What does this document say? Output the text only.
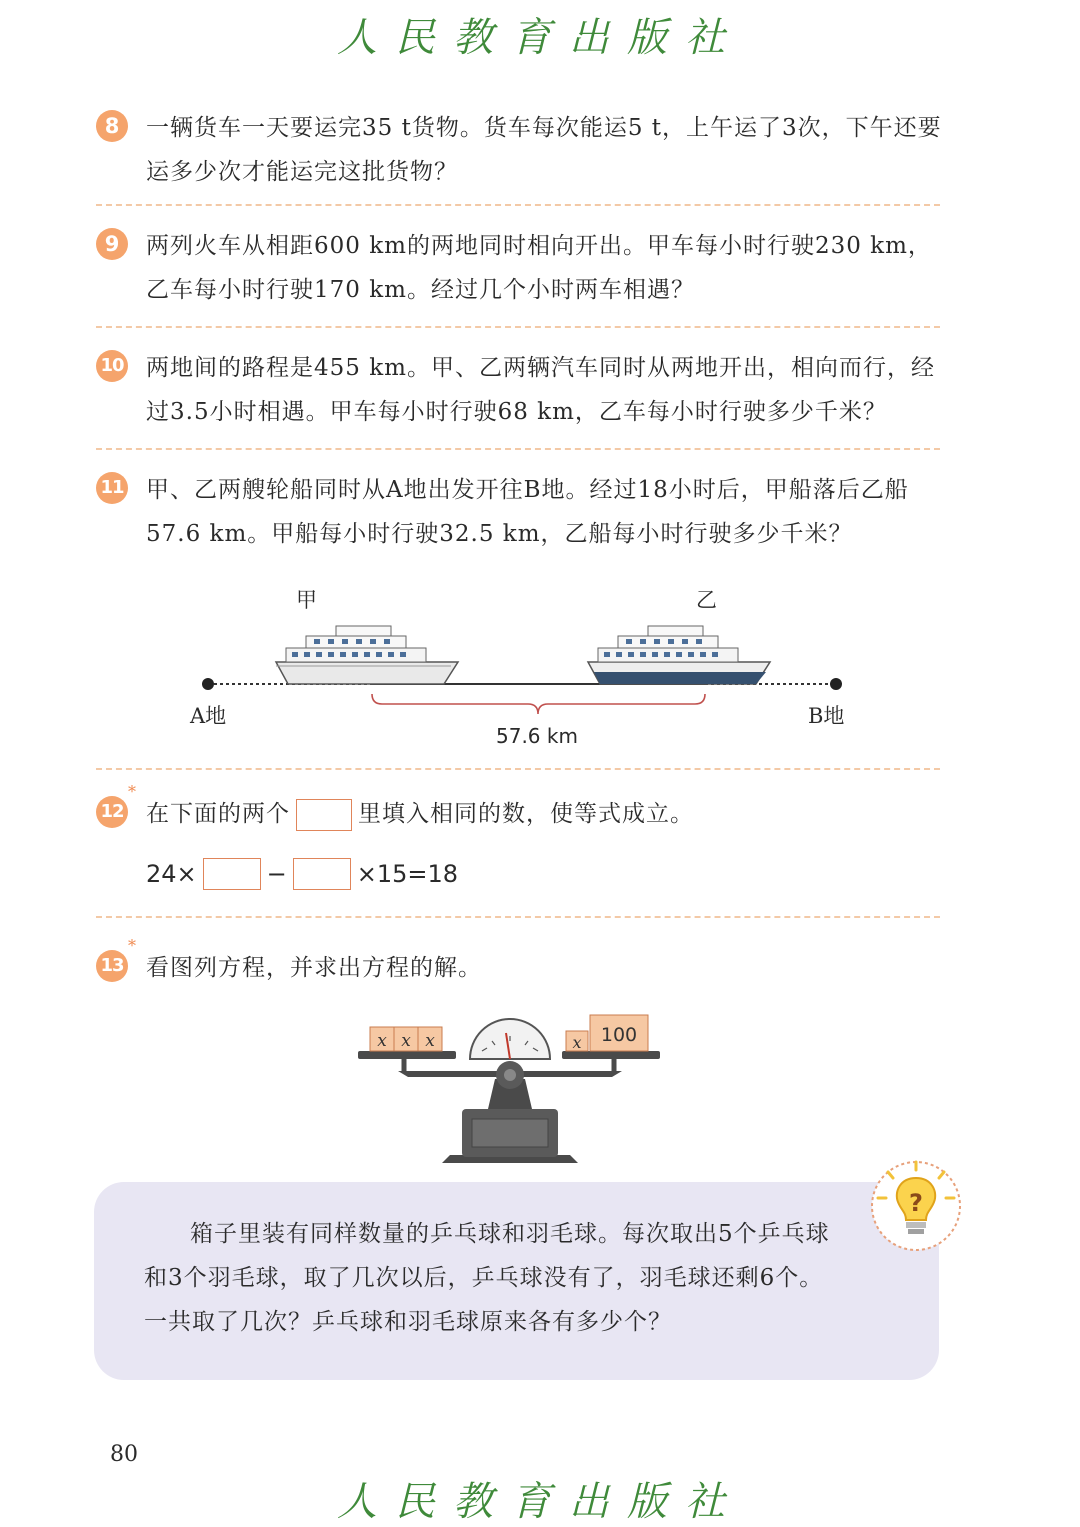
人民教育出版社
8	一辆货车一天要运完35 t货物。货车每次能运5 t，上午运了3次，下午还要运多少次才能运完这批货物？
9	两列火车从相距600 km的两地同时相向开出。甲车每小时行驶230 km，乙车每小时行驶170 km。经过几个小时两车相遇？
10 两地间的路程是455 km。甲、乙两辆汽车同时从两地开出，相向而行，经过3.5小时相遇。甲车每小时行驶68 km，乙车每小时行驶多少千米？
11 甲、乙两艘轮船同时从A地出发开往B地。经过18小时后，甲船落后乙船57.6 km。甲船每小时行驶32.5 km，乙船每小时行驶多少千米？
甲	乙
A地	B地
57.6 km
12
*
在下面的两个	里填入相同的数，使等式成立。
24×	−	×15=18
13
*
看图列方程，并求出方程的解。
x x x	x 100
箱子里装有同样数量的乒乓球和羽毛球。每次取出5个乒乓球和3个羽毛球，取了几次以后，乒乓球没有了，羽毛球还剩6个。一共取了几次？乒乓球和羽毛球原来各有多少个？
?
80
人民教育出版社
